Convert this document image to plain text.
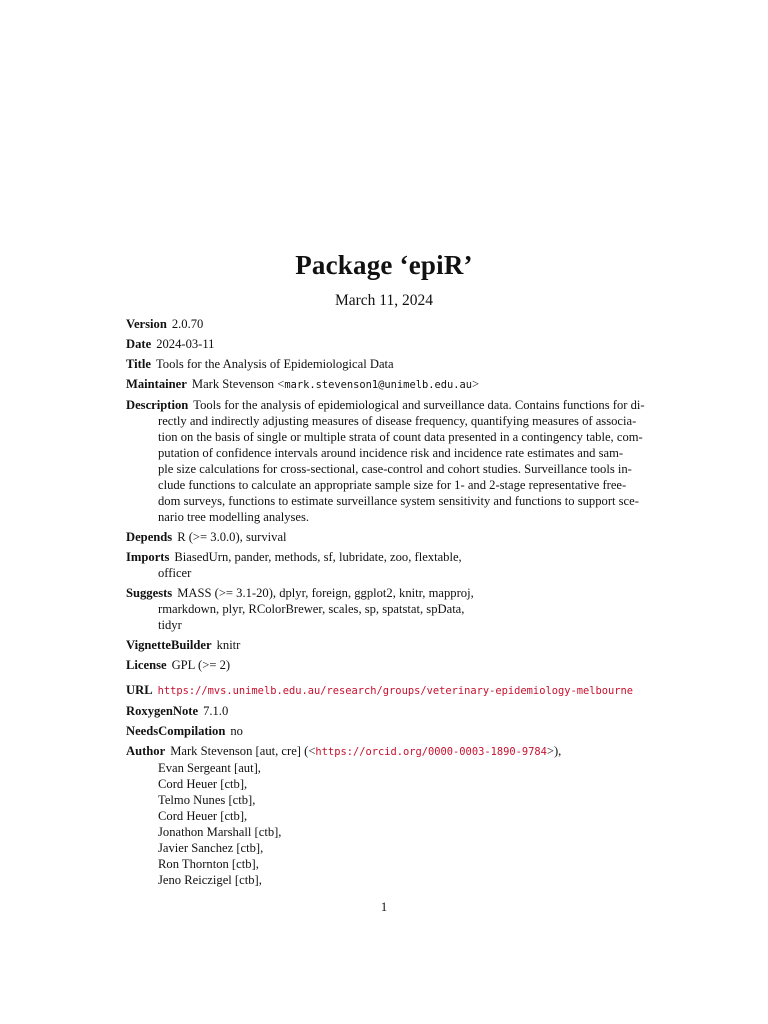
Package ‘epiR’
March 11, 2024
Version 2.0.70
Date 2024-03-11
Title Tools for the Analysis of Epidemiological Data
Maintainer Mark Stevenson <mark.stevenson1@unimelb.edu.au>
Description Tools for the analysis of epidemiological and surveillance data. Contains functions for di-
rectly and indirectly adjusting measures of disease frequency, quantifying measures of associa-
tion on the basis of single or multiple strata of count data presented in a contingency table, com-
putation of confidence intervals around incidence risk and incidence rate estimates and sam-
ple size calculations for cross-sectional, case-control and cohort studies. Surveillance tools in-
clude functions to calculate an appropriate sample size for 1- and 2-stage representative free-
dom surveys, functions to estimate surveillance system sensitivity and functions to support sce-
nario tree modelling analyses.
Depends R (>= 3.0.0), survival
Imports BiasedUrn, pander, methods, sf, lubridate, zoo, flextable,
officer
Suggests MASS (>= 3.1-20), dplyr, foreign, ggplot2, knitr, mapproj,
rmarkdown, plyr, RColorBrewer, scales, sp, spatstat, spData,
tidyr
VignetteBuilder knitr
License GPL (>= 2)
URL https://mvs.unimelb.edu.au/research/groups/veterinary-epidemiology-melbourne
RoxygenNote 7.1.0
NeedsCompilation no
Author Mark Stevenson [aut, cre] (<https://orcid.org/0000-0003-1890-9784>),
Evan Sergeant [aut],
Cord Heuer [ctb],
Telmo Nunes [ctb],
Cord Heuer [ctb],
Jonathon Marshall [ctb],
Javier Sanchez [ctb],
Ron Thornton [ctb],
Jeno Reiczigel [ctb],
1
